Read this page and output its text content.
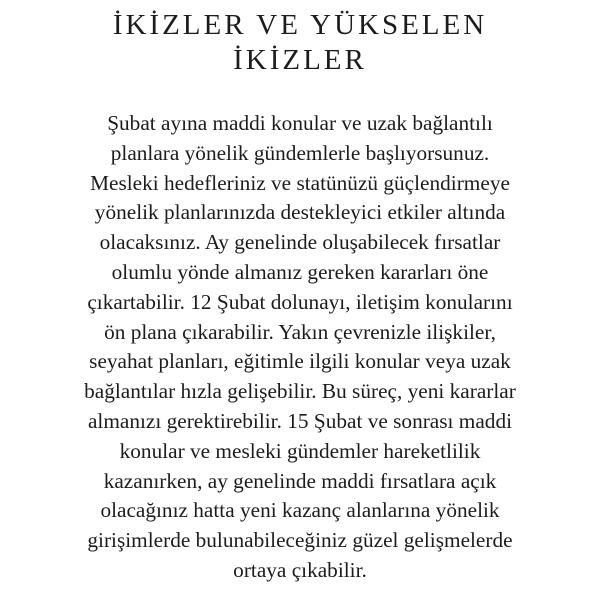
İKİZLER VE YÜKSELEN
İKİZLER
Şubat ayına maddi konular ve uzak bağlantılı
planlara yönelik gündemlerle başlıyorsunuz.
Mesleki hedefleriniz ve statünüzü güçlendirmeye
yönelik planlarınızda destekleyici etkiler altında
olacaksınız. Ay genelinde oluşabilecek fırsatlar
olumlu yönde almanız gereken kararları öne
çıkartabilir. 12 Şubat dolunayı, iletişim konularını
ön plana çıkarabilir. Yakın çevrenizle ilişkiler,
seyahat planları, eğitimle ilgili konular veya uzak
bağlantılar hızla gelişebilir. Bu süreç, yeni kararlar
almanızı gerektirebilir. 15 Şubat ve sonrası maddi
konular ve mesleki gündemler hareketlilik
kazanırken, ay genelinde maddi fırsatlara açık
olacağınız hatta yeni kazanç alanlarına yönelik
girişimlerde bulunabileceğiniz güzel gelişmelerde
ortaya çıkabilir.
